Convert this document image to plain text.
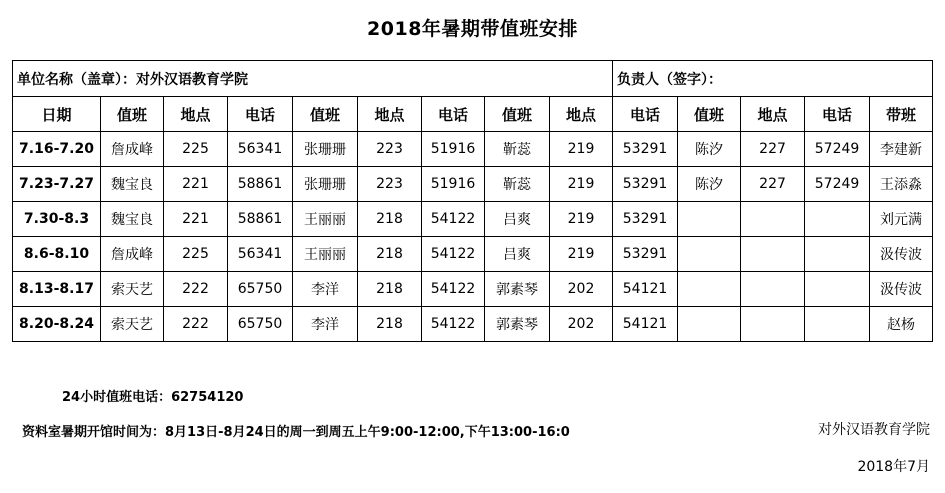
2018年暑期带值班安排
单位名称（盖章）：对外汉语教育学院									负责人（签字）：				
日期	值班	地点	电话	值班	地点	电话	值班	地点	电话	值班	地点	电话	带班
7.16-7.20	詹成峰	225	56341	张珊珊	223	51916	靳蕊	219	53291	陈汐	227	57249	李建新
7.23-7.27	魏宝良	221	58861	张珊珊	223	51916	靳蕊	219	53291	陈汐	227	57249	王添淼
7.30-8.3	魏宝良	221	58861	王丽丽	218	54122	吕爽	219	53291				刘元满
8.6-8.10	詹成峰	225	56341	王丽丽	218	54122	吕爽	219	53291				汲传波
8.13-8.17	索天艺	222	65750	李洋	218	54122	郭素琴	202	54121				汲传波
8.20-8.24	索天艺	222	65750	李洋	218	54122	郭素琴	202	54121				赵杨
24小时值班电话：62754120
资料室暑期开馆时间为：8月13日-8月24日的周一到周五上午9:00-12:00,下午13:00-16:0	对外汉语教育学院
2018年7月
